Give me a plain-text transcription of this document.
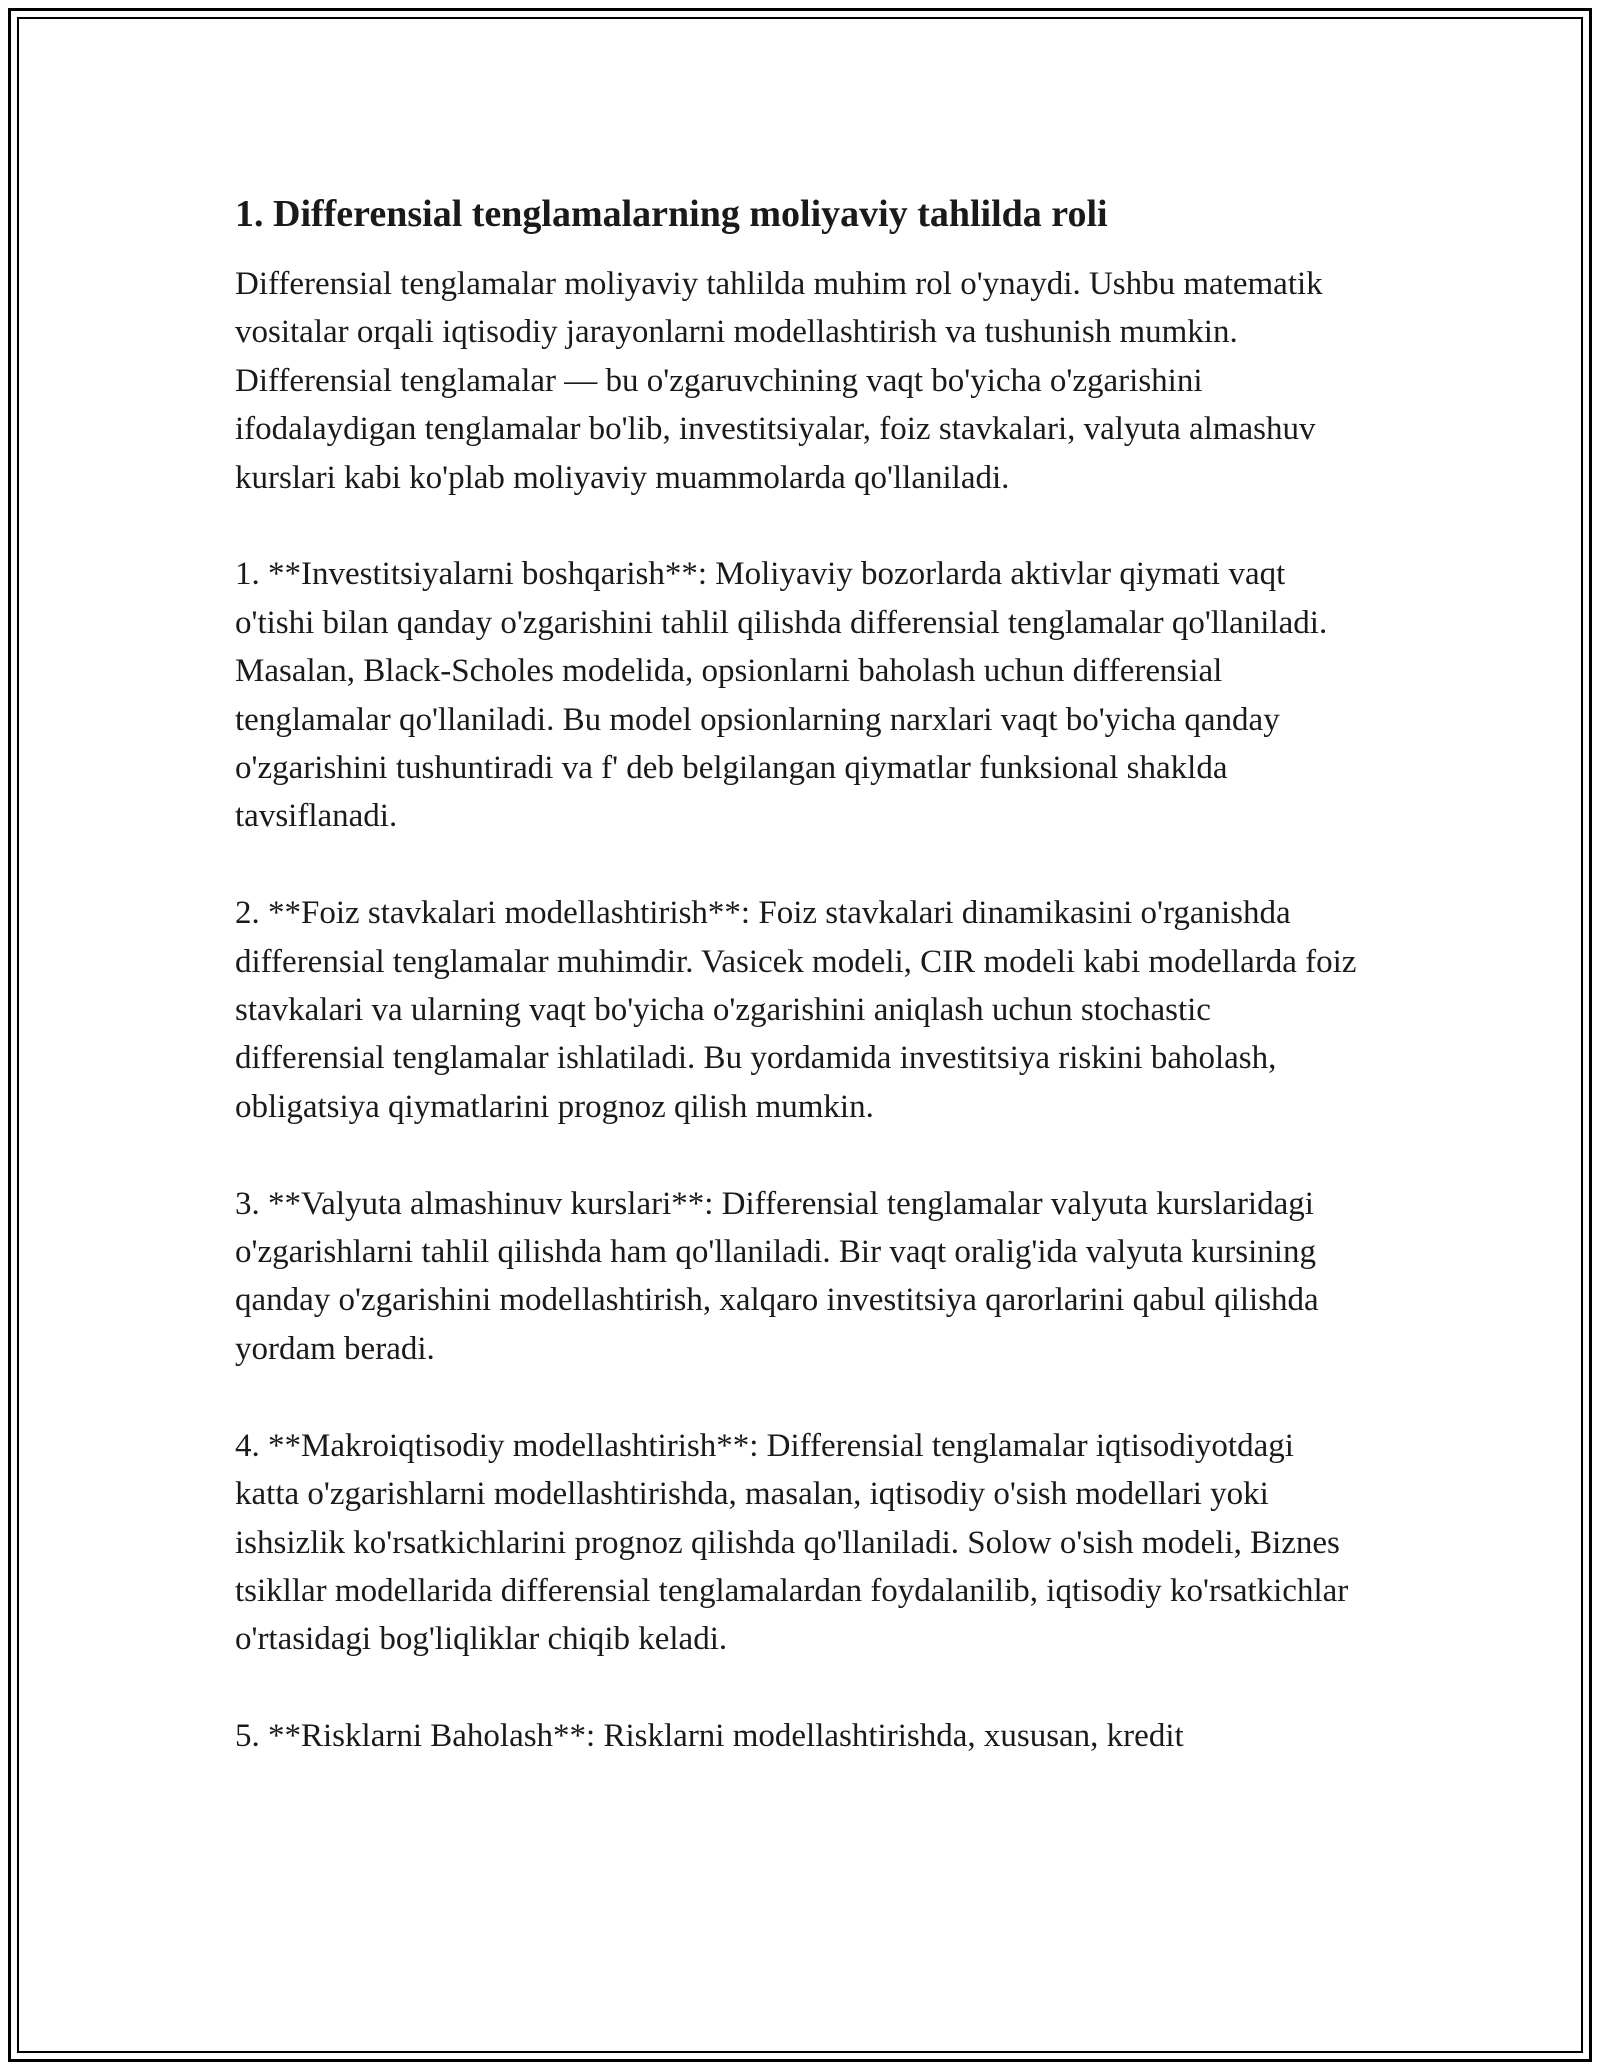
1. Differensial tenglamalarning moliyaviy tahlilda roli

Differensial tenglamalar moliyaviy tahlilda muhim rol o'ynaydi. Ushbu matematik vositalar orqali iqtisodiy jarayonlarni modellashtirish va tushunish mumkin. Differensial tenglamalar — bu o'zgaruvchining vaqt bo'yicha o'zgarishini ifodalaydigan tenglamalar bo'lib, investitsiyalar, foiz stavkalari, valyuta almashuv kurslari kabi ko'plab moliyaviy muammolarda qo'llaniladi.

1. **Investitsiyalarni boshqarish**: Moliyaviy bozorlarda aktivlar qiymati vaqt o'tishi bilan qanday o'zgarishini tahlil qilishda differensial tenglamalar qo'llaniladi. Masalan, Black-Scholes modelida, opsionlarni baholash uchun differensial tenglamalar qo'llaniladi. Bu model opsionlarning narxlari vaqt bo'yicha qanday o'zgarishini tushuntiradi va f' deb belgilangan qiymatlar funksional shaklda tavsiflanadi.

2. **Foiz stavkalari modellashtirish**: Foiz stavkalari dinamikasini o'rganishda differensial tenglamalar muhimdir. Vasicek modeli, CIR modeli kabi modellarda foiz stavkalari va ularning vaqt bo'yicha o'zgarishini aniqlash uchun stochastic differensial tenglamalar ishlatiladi. Bu yordamida investitsiya riskini baholash, obligatsiya qiymatlarini prognoz qilish mumkin.

3. **Valyuta almashinuv kurslari**: Differensial tenglamalar valyuta kurslaridagi o'zgarishlarni tahlil qilishda ham qo'llaniladi. Bir vaqt oralig'ida valyuta kursining qanday o'zgarishini modellashtirish, xalqaro investitsiya qarorlarini qabul qilishda yordam beradi.

4. **Makroiqtisodiy modellashtirish**: Differensial tenglamalar iqtisodiyotdagi katta o'zgarishlarni modellashtirishda, masalan, iqtisodiy o'sish modellari yoki ishsizlik ko'rsatkichlarini prognoz qilishda qo'llaniladi. Solow o'sish modeli, Biznes tsikllar modellarida differensial tenglamalardan foydalanilib, iqtisodiy ko'rsatkichlar o'rtasidagi bog'liqliklar chiqib keladi.

5. **Risklarni Baholash**: Risklarni modellashtirishda, xususan, kredit
